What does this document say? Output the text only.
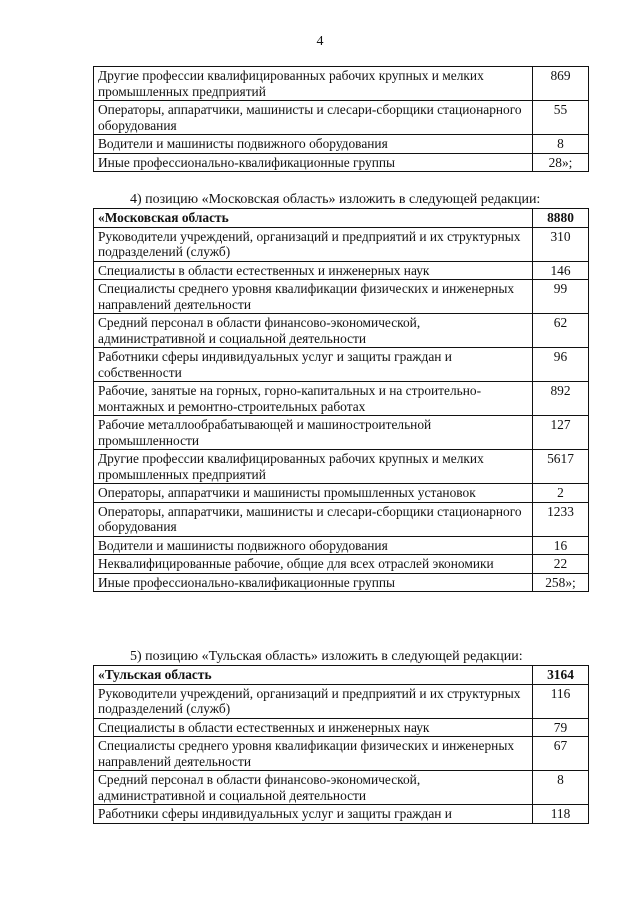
4
Другие профессии квалифицированных рабочих крупных и мелких промышленных предприятий	869
Операторы, аппаратчики, машинисты и слесари-сборщики стационарного оборудования	55
Водители и машинисты подвижного оборудования	8
Иные профессионально-квалификационные группы	28»;
4) позицию «Московская область» изложить в следующей редакции:
«Московская область	8880
Руководители учреждений, организаций и предприятий и их структурных подразделений (служб)	310
Специалисты в области естественных и инженерных наук	146
Специалисты среднего уровня квалификации физических и инженерных направлений деятельности	99
Средний персонал в области финансово-экономической, административной и социальной деятельности	62
Работники сферы индивидуальных услуг и защиты граждан и собственности	96
Рабочие, занятые на горных, горно-капитальных и на строительно-монтажных и ремонтно-строительных работах	892
Рабочие металлообрабатывающей и машиностроительной промышленности	127
Другие профессии квалифицированных рабочих крупных и мелких промышленных предприятий	5617
Операторы, аппаратчики и машинисты промышленных установок	2
Операторы, аппаратчики, машинисты и слесари-сборщики стационарного оборудования	1233
Водители и машинисты подвижного оборудования	16
Неквалифицированные рабочие, общие для всех отраслей экономики	22
Иные профессионально-квалификационные группы	258»;
5) позицию «Тульская область» изложить в следующей редакции:
«Тульская область	3164
Руководители учреждений, организаций и предприятий и их структурных подразделений (служб)	116
Специалисты в области естественных и инженерных наук	79
Специалисты среднего уровня квалификации физических и инженерных направлений деятельности	67
Средний персонал в области финансово-экономической, административной и социальной деятельности	8
Работники сферы индивидуальных услуг и защиты граждан и	118
